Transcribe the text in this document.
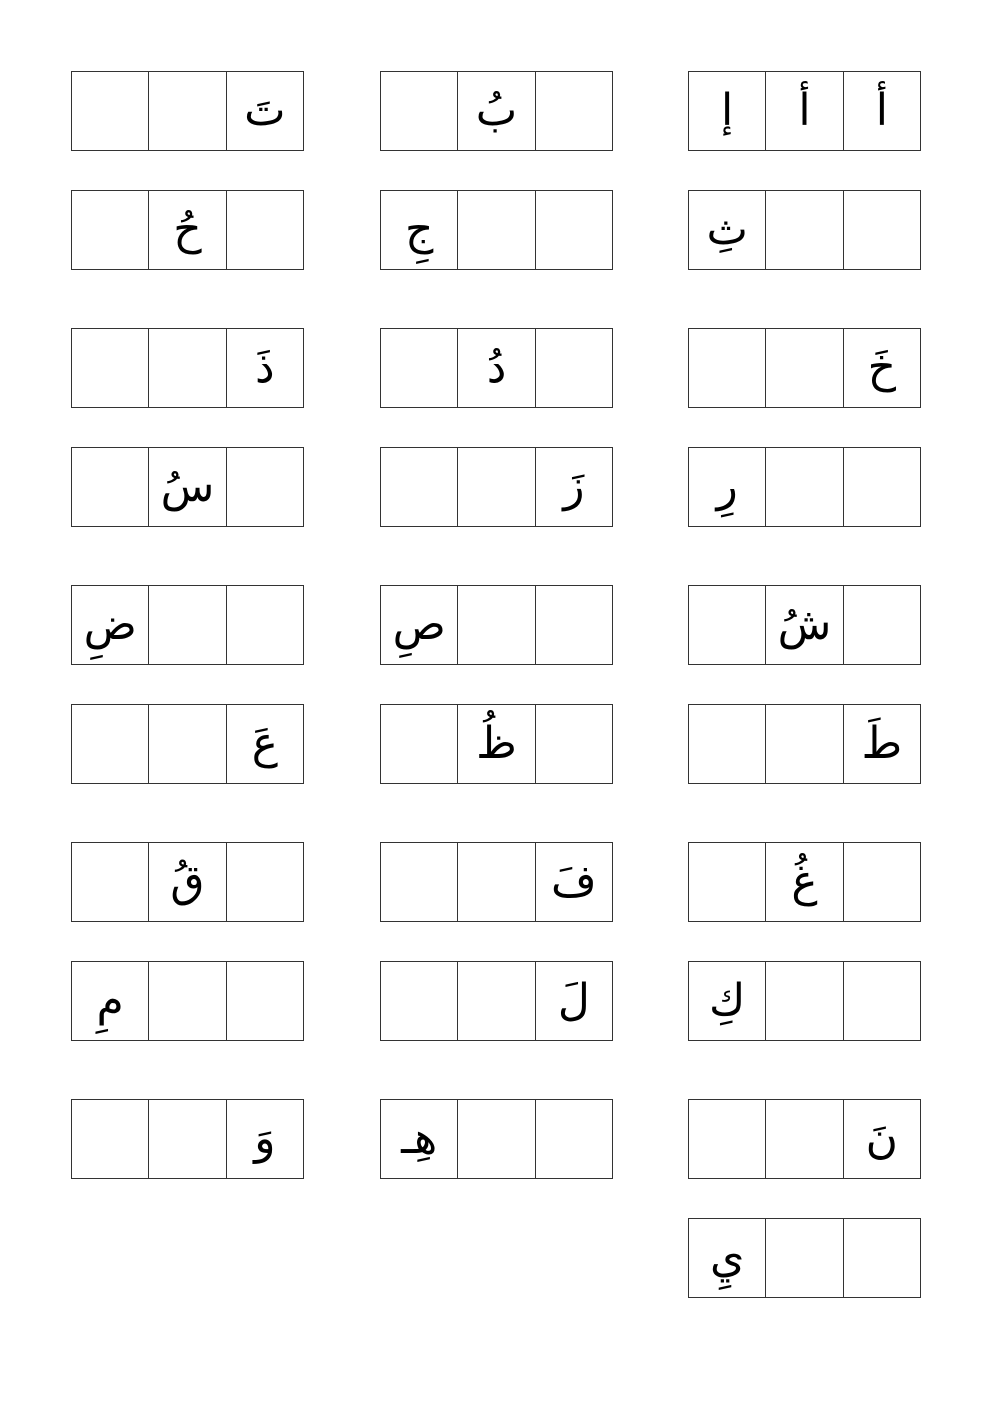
إ أ أ
ب
ت
ث
ج
ح
خ
د
ذ
ر
ز
س
ش
ص
ض
ط
ظ
ع
غ
ف
ق
ك
ل
م
ن
هـ
و
ي
